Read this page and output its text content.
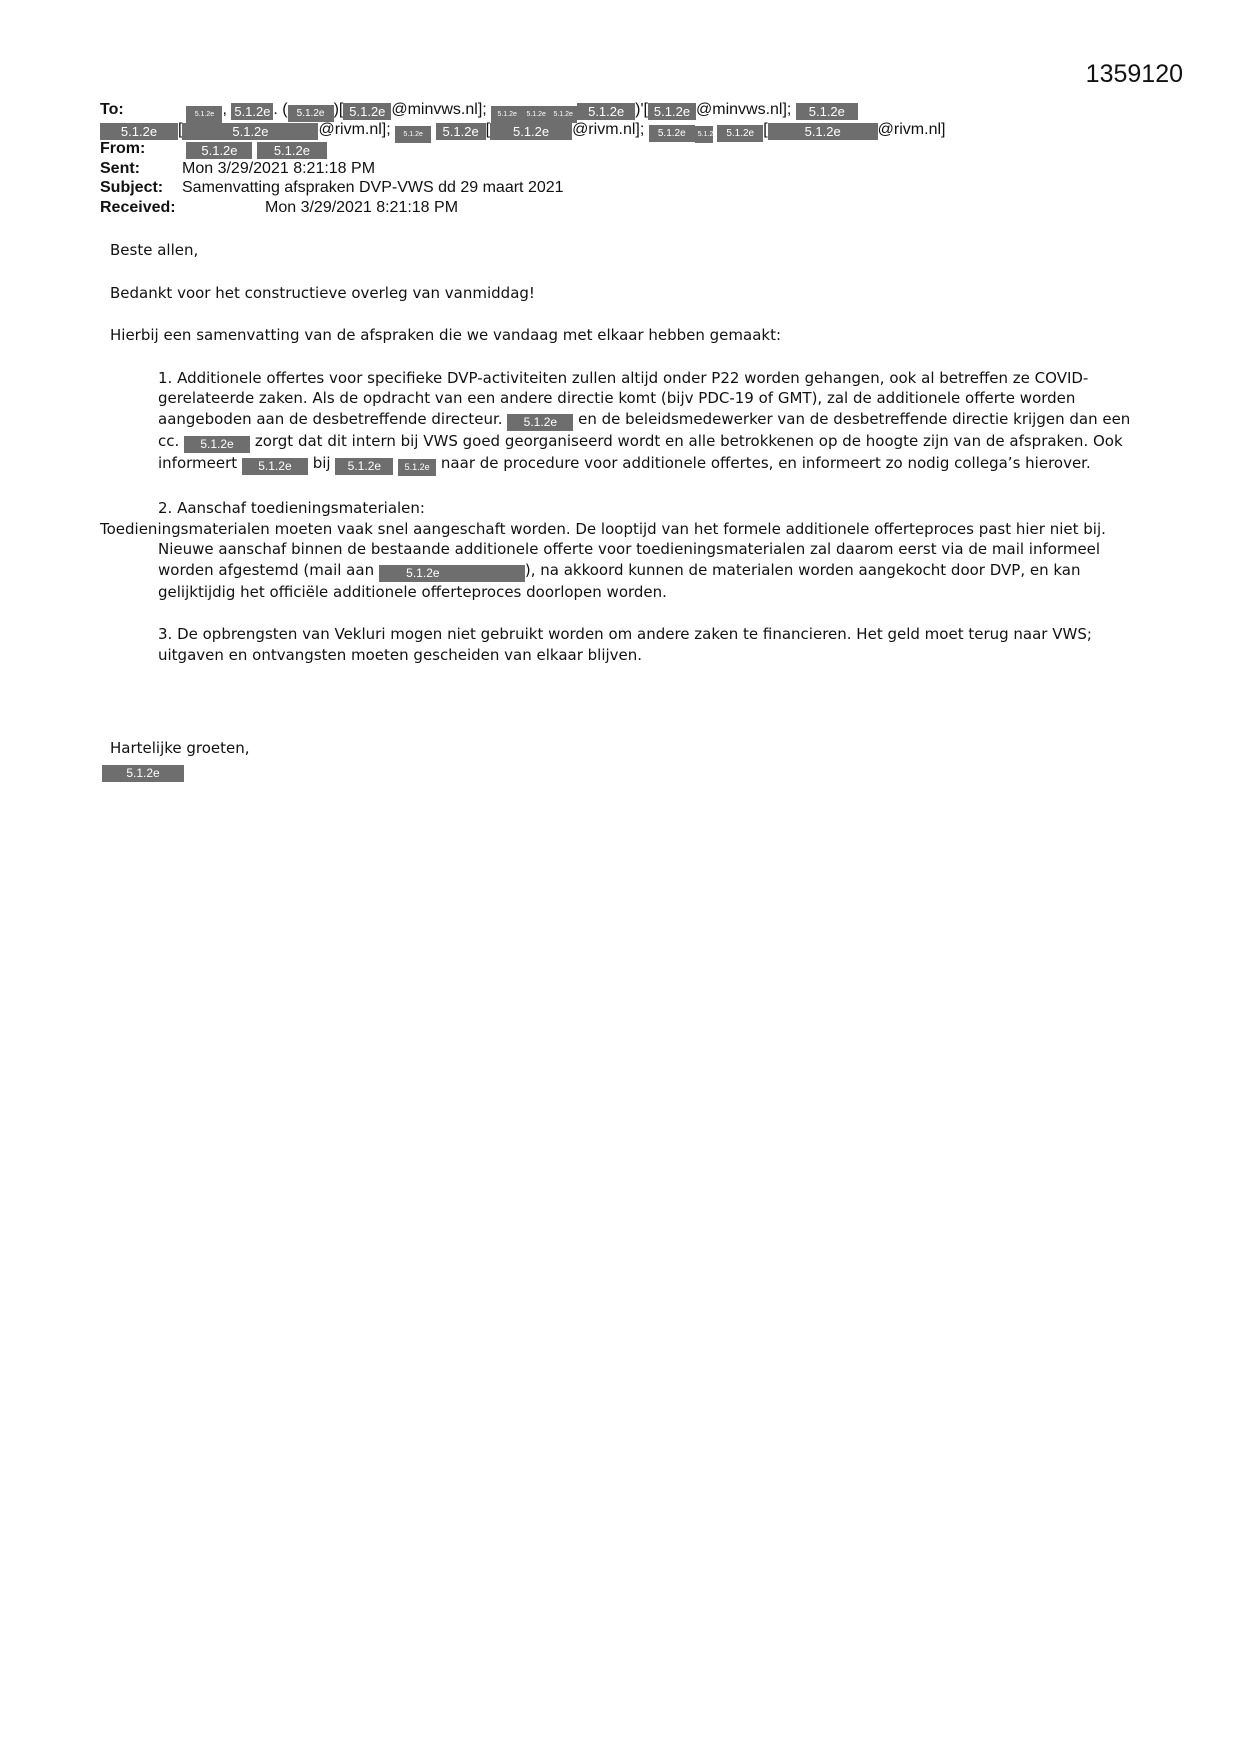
1359120
To:	5.1.2e , 5.1.2e . ( 5.1.2e )[ 5.1.2e @minvws.nl]; 5.1.2e 5.1.2e 5.1.2e 5.1.2e )'[ 5.1.2e @minvws.nl]; 5.1.2e
5.1.2e [	5.1.2e	@rivm.nl]; 5.1.2e 5.1.2e [ 5.1.2e @rivm.nl]; 5.1.2e 5.1.2e 5.1.2e [	5.1.2e @rivm.nl]
From:	5.1.2e	5.1.2e
Sent:	Mon 3/29/2021 8:21:18 PM
Subject: Samenvatting afspraken DVP-VWS dd 29 maart 2021
Received:	Mon 3/29/2021 8:21:18 PM

Beste allen,

Bedankt voor het constructieve overleg van vanmiddag!

Hierbij een samenvatting van de afspraken die we vandaag met elkaar hebben gemaakt:

1. Additionele offertes voor specifieke DVP-activiteiten zullen altijd onder P22 worden gehangen, ook al betreffen ze COVID-gerelateerde zaken. Als de opdracht van een andere directie komt (bijv PDC-19 of GMT), zal de additionele offerte worden aangeboden aan de desbetreffende directeur. 5.1.2e en de beleidsmedewerker van de desbetreffende directie krijgen dan een cc. 5.1.2e zorgt dat dit intern bij VWS goed georganiseerd wordt en alle betrokkenen op de hoogte zijn van de afspraken. Ook informeert 5.1.2e bij 5.1.2e	5.1.2e naar de procedure voor additionele offertes, en informeert zo nodig collega’s hierover.

2. Aanschaf toedieningsmaterialen:

Toedieningsmaterialen moeten vaak snel aangeschaft worden. De looptijd van het formele additionele offerteproces past hier niet bij. Nieuwe aanschaf binnen de bestaande additionele offerte voor toedieningsmaterialen zal daarom eerst via de mail informeel worden afgestemd (mail aan	5.1.2e	), na akkoord kunnen de materialen worden aangekocht door DVP, en kan gelijktijdig het officiële additionele offerteproces doorlopen worden.

3. De opbrengsten van Vekluri mogen niet gebruikt worden om andere zaken te financieren. Het geld moet terug naar VWS; uitgaven en ontvangsten moeten gescheiden van elkaar blijven.

Hartelijke groeten,

5.1.2e
